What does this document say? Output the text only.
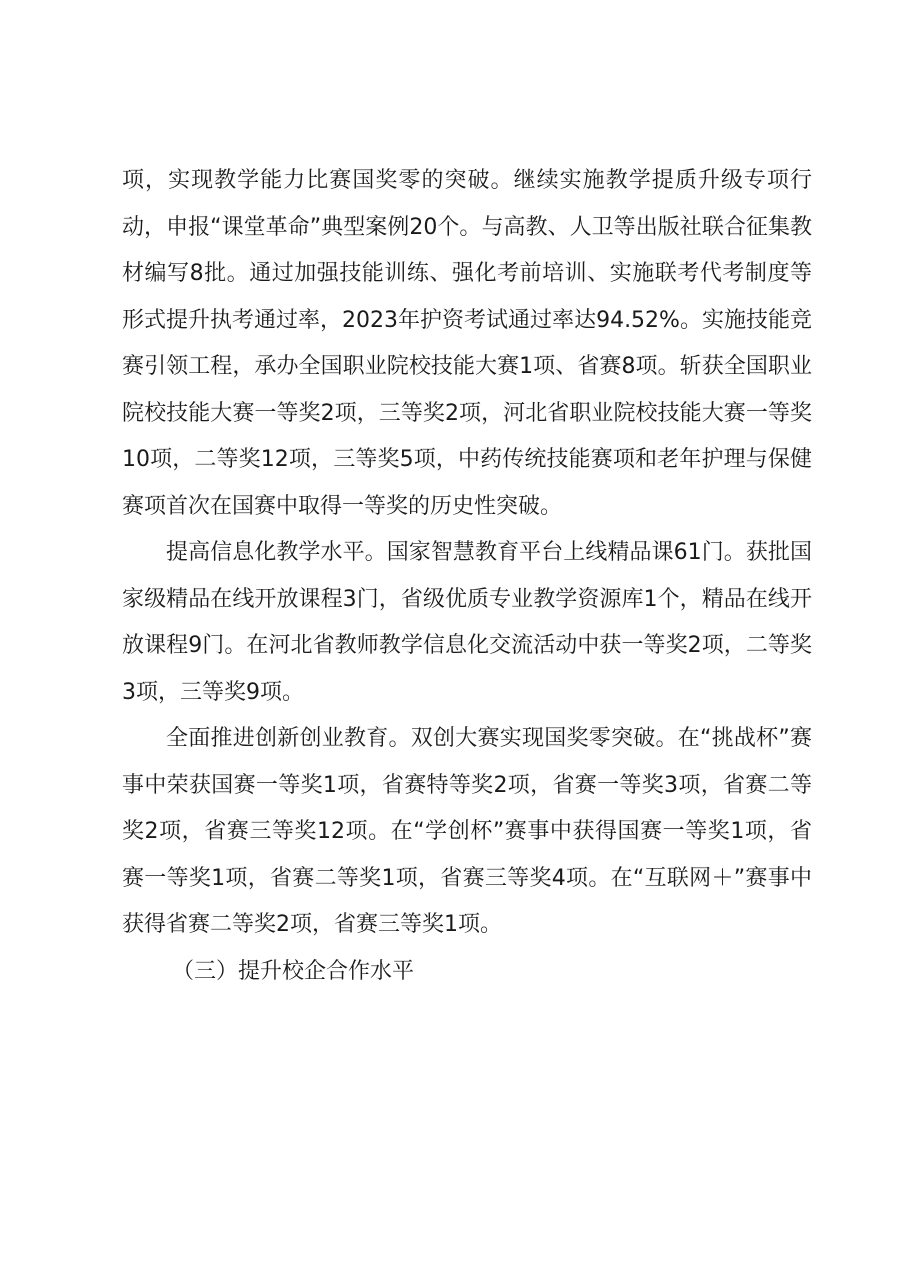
项，实现教学能力比赛国奖零的突破。继续实施教学提质升级专项行动，申报“课堂革命”典型案例20个。与高教、人卫等出版社联合征集教材编写8批。通过加强技能训练、强化考前培训、实施联考代考制度等形式提升执考通过率，2023年护资考试通过率达94.52%。实施技能竞赛引领工程，承办全国职业院校技能大赛1项、省赛8项。斩获全国职业院校技能大赛一等奖2项，三等奖2项，河北省职业院校技能大赛一等奖10项，二等奖12项，三等奖5项，中药传统技能赛项和老年护理与保健赛项首次在国赛中取得一等奖的历史性突破。

提高信息化教学水平。国家智慧教育平台上线精品课61门。获批国家级精品在线开放课程3门，省级优质专业教学资源库1个，精品在线开放课程9门。在河北省教师教学信息化交流活动中获一等奖2项，二等奖3项，三等奖9项。

全面推进创新创业教育。双创大赛实现国奖零突破。在“挑战杯”赛事中荣获国赛一等奖1项，省赛特等奖2项，省赛一等奖3项，省赛二等奖2项，省赛三等奖12项。在“学创杯”赛事中获得国赛一等奖1项，省赛一等奖1项，省赛二等奖1项，省赛三等奖4项。在“互联网＋”赛事中获得省赛二等奖2项，省赛三等奖1项。

（三）提升校企合作水平
